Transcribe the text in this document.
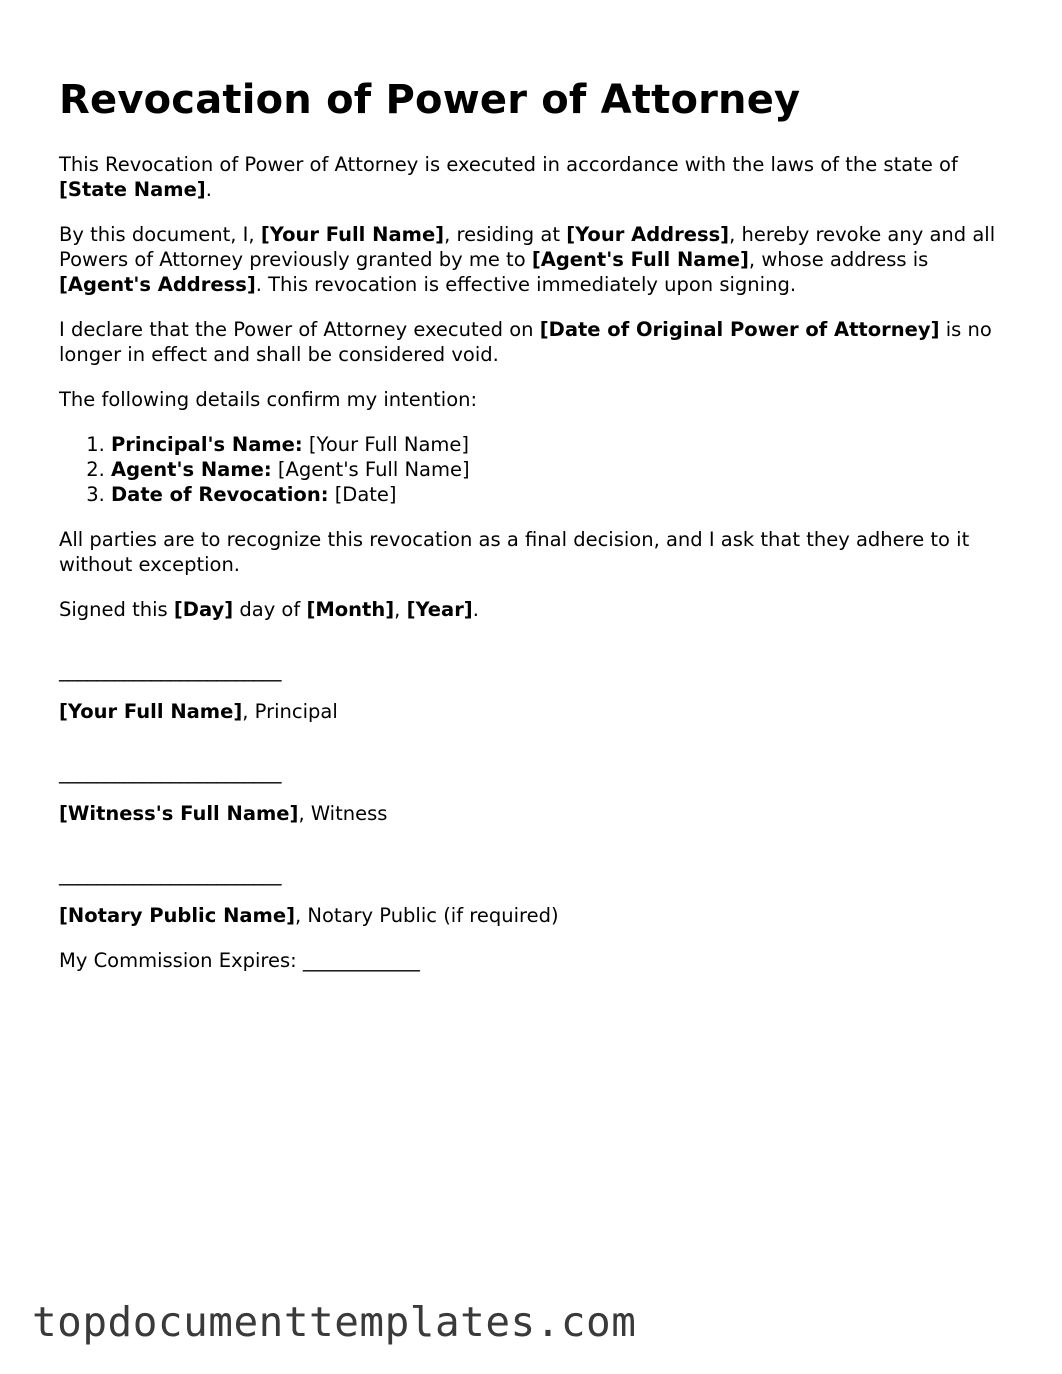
Revocation of Power of Attorney

This Revocation of Power of Attorney is executed in accordance with the laws of the state of [State Name].

By this document, I, [Your Full Name], residing at [Your Address], hereby revoke any and all Powers of Attorney previously granted by me to [Agent's Full Name], whose address is [Agent's Address]. This revocation is effective immediately upon signing.

I declare that the Power of Attorney executed on [Date of Original Power of Attorney] is no longer in effect and shall be considered void.

The following details confirm my intention:

1. Principal's Name: [Your Full Name]
2. Agent's Name: [Agent's Full Name]
3. Date of Revocation: [Date]

All parties are to recognize this revocation as a final decision, and I ask that they adhere to it without exception.

Signed this [Day] day of [Month], [Year].

________________________

[Your Full Name], Principal

________________________

[Witness's Full Name], Witness

________________________

[Notary Public Name], Notary Public (if required)

My Commission Expires: ____________

topdocumenttemplates.com
